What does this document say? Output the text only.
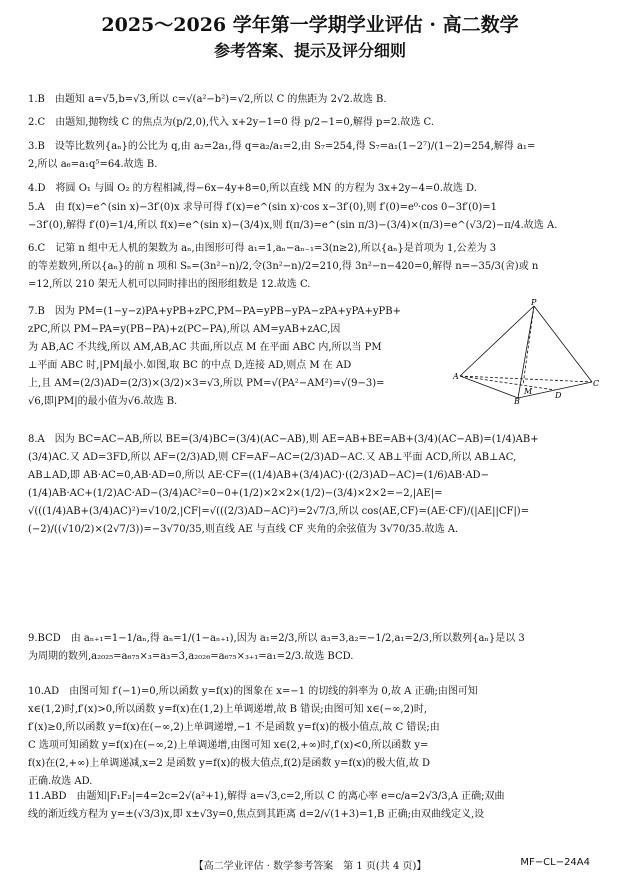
2025～2026 学年第一学期学业评估 · 高二数学
参考答案、提示及评分细则

1.B　由题知 a=√5,b=√3,所以 c=√(a²−b²)=√2,所以 C 的焦距为 2√2.故选 B.

2.C　由题知,抛物线 C 的焦点为(p/2,0),代入 x+2y−1=0 得 p/2−1=0,解得 p=2.故选 C.

3.B　设等比数列{aₙ}的公比为 q,由 a₂=2a₁,得 q=a₂/a₁=2,由 S₇=254,得 S₇=a₁(1−2⁷)/(1−2)=254,解得 a₁=

2,所以 a₆=a₁q⁵=64.故选 B.

4.D　将圆 O₁ 与圆 O₂ 的方程相减,得−6x−4y+8=0,所以直线 MN 的方程为 3x+2y−4=0.故选 D.

5.A　由 f(x)=e^(sin x)−3f′(0)x 求导可得 f′(x)=e^(sin x)·cos x−3f′(0),则 f′(0)=e⁰·cos 0−3f′(0)=1

−3f′(0),解得 f′(0)=1/4,所以 f(x)=e^(sin x)−(3/4)x,则 f(π/3)=e^(sin π/3)−(3/4)×(π/3)=e^(√3/2)−π/4.故选 A.

6.C　记第 n 组中无人机的架数为 aₙ,由图形可得 a₁=1,aₙ−aₙ₋₁=3(n≥2),所以{aₙ}是首项为 1,公差为 3

的等差数列,所以{aₙ}的前 n 项和 Sₙ=(3n²−n)/2,令(3n²−n)/2=210,得 3n²−n−420=0,解得 n=−35/3(舍)或 n

=12,所以 210 架无人机可以同时排出的图形组数是 12.故选 C.

7.B　因为 PM=(1−y−z)PA+yPB+zPC,PM−PA=yPB−yPA−zPA+yPA+yPB+

zPC,所以 PM−PA=y(PB−PA)+z(PC−PA),所以 AM=yAB+zAC,因

为 AB,AC 不共线,所以 AM,AB,AC 共面,所以点 M 在平面 ABC 内,所以当 PM

⊥平面 ABC 时,|PM|最小.如图,取 BC 的中点 D,连接 AD,则点 M 在 AD

上,且 AM=(2/3)AD=(2/3)×(3/2)×3=√3,所以 PM=√(PA²−AM²)=√(9−3)=

√6,即|PM|的最小值为√6.故选 B.

8.A　因为 BC=AC−AB,所以 BE=(3/4)BC=(3/4)(AC−AB),则 AE=AB+BE=AB+(3/4)(AC−AB)=(1/4)AB+

(3/4)AC.又 AD=3FD,所以 AF=(2/3)AD,则 CF=AF−AC=(2/3)AD−AC.又 AB⊥平面 ACD,所以 AB⊥AC,

AB⊥AD,即 AB·AC=0,AB·AD=0,所以 AE·CF=((1/4)AB+(3/4)AC)·((2/3)AD−AC)=(1/6)AB·AD−

(1/4)AB·AC+(1/2)AC·AD−(3/4)AC²=0−0+(1/2)×2×2×(1/2)−(3/4)×2×2=−2,|AE|=

√(((1/4)AB+(3/4)AC)²)=√10/2,|CF|=√(((2/3)AD−AC)²)=2√7/3,所以 cos⟨AE,CF⟩=(AE·CF)/(|AE||CF|)=

(−2)/((√10/2)×(2√7/3))=−3√70/35,则直线 AE 与直线 CF 夹角的余弦值为 3√70/35.故选 A.

9.BCD　由 aₙ₊₁=1−1/aₙ,得 aₙ=1/(1−aₙ₊₁),因为 a₁=2/3,所以 a₃=3,a₂=−1/2,a₁=2/3,所以数列{aₙ}是以 3

为周期的数列,a₂₀₂₅=a₆₇₅×₃=a₃=3,a₂₀₂₆=a₆₇₅×₃₊₁=a₁=2/3.故选 BCD.

10.AD　由图可知 f′(−1)=0,所以函数 y=f(x)的图象在 x=−1 的切线的斜率为 0,故 A 正确;由图可知

x∈(1,2)时,f′(x)>0,所以函数 y=f(x)在(1,2)上单调递增,故 B 错误;由图可知 x∈(−∞,2)时,

f′(x)≥0,所以函数 y=f(x)在(−∞,2)上单调递增,−1 不是函数 y=f(x)的极小值点,故 C 错误;由

C 选项可知函数 y=f(x)在(−∞,2)上单调递增,由图可知 x∈(2,+∞)时,f′(x)<0,所以函数 y=

f(x)在(2,+∞)上单调递减,x=2 是函数 y=f(x)的极大值点,f(2)是函数 y=f(x)的极大值,故 D

正确.故选 AD.

11.ABD　由题知|F₁F₂|=4=2c=2√(a²+1),解得 a=√3,c=2,所以 C 的离心率 e=c/a=2√3/3,A 正确;双曲

线的渐近线方程为 y=±(√3/3)x,即 x±√3y=0,焦点到其距离 d=2/√(1+3)=1,B 正确;由双曲线定义,设

P
A
B
C
D
M
【高二学业评估 · 数学参考答案　第 1 页(共 4 页)】	MF−CL−24A4
